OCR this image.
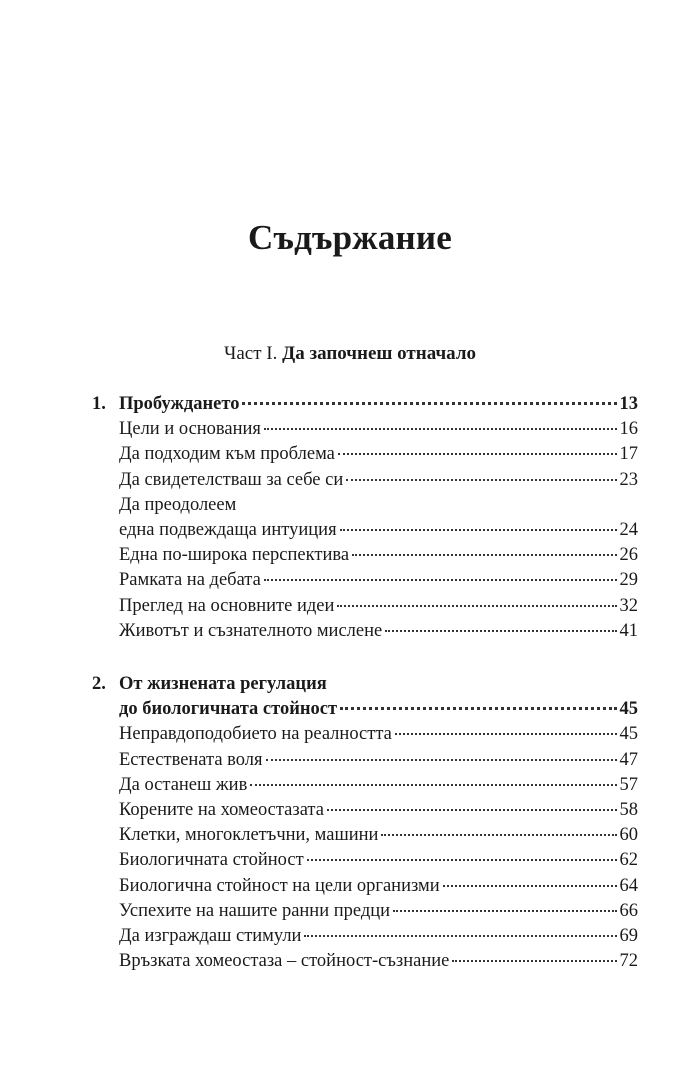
Съдържание
Част I. Да започнеш отначало
1. Пробуждането	13
Цели и основания	16
Да подходим към проблема	17
Да свидетелстваш за себе си	23
Да преодолеем
една подвеждаща интуиция	24
Една по-широка перспектива	26
Рамката на дебата	29
Преглед на основните идеи	32
Животът и съзнателното мислене	41
2. От жизнената регулация
до биологичната стойност	45
Неправдоподобието на реалността	45
Естествената воля	47
Да останеш жив	57
Корените на хомеостазата	58
Клетки, многоклетъчни, машини	60
Биологичната стойност	62
Биологична стойност на цели организми	64
Успехите на нашите ранни предци	66
Да изграждаш стимули	69
Връзката хомеостаза – стойност-съзнание	72
